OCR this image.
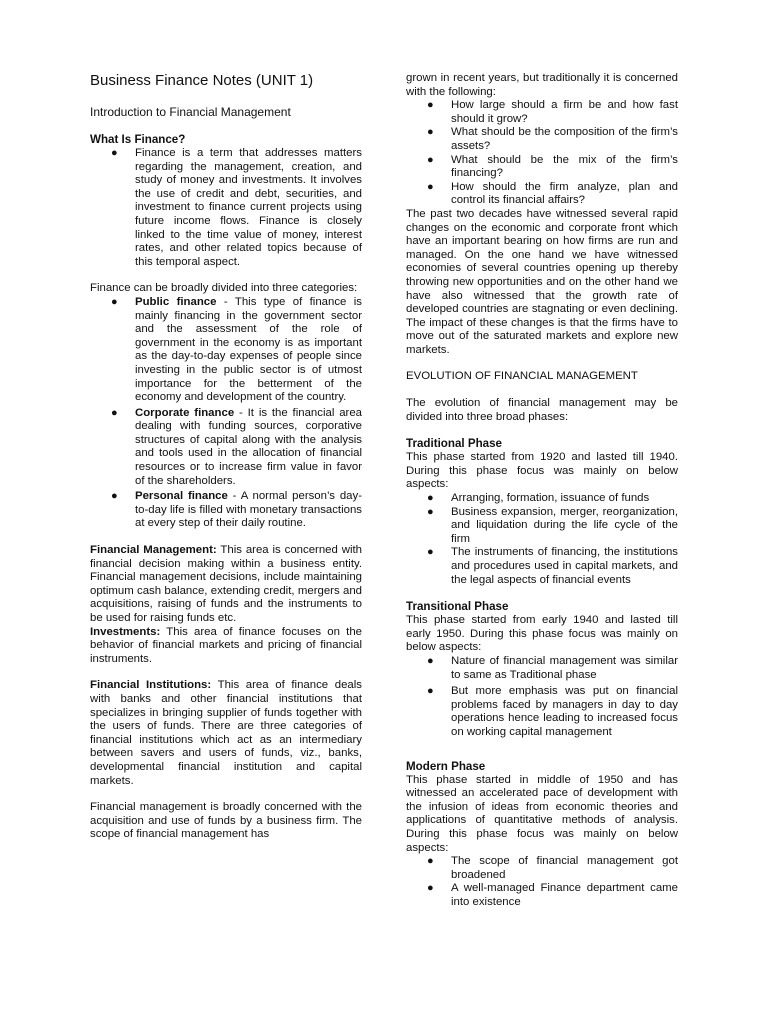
Business Finance Notes (UNIT 1)
Introduction to Financial Management
What Is Finance?
● Finance is a term that addresses matters regarding the management, creation, and study of money and investments. It involves the use of credit and debt, securities, and investment to finance current projects using future income flows. Finance is closely linked to the time value of money, interest rates, and other related topics because of this temporal aspect.

Finance can be broadly divided into three categories:

● Public finance - This type of finance is mainly financing in the government sector and the assessment of the role of government in the economy is as important as the day-to-day expenses of people since investing in the public sector is of utmost importance for the betterment of the economy and development of the country.
● Corporate finance - It is the financial area dealing with funding sources, corporative structures of capital along with the analysis and tools used in the allocation of financial resources or to increase firm value in favor of the shareholders.
● Personal finance - A normal person’s day-to-day life is filled with monetary transactions at every step of their daily routine.

Financial Management: This area is concerned with financial decision making within a business entity. Financial management decisions, include maintaining optimum cash balance, extending credit, mergers and acquisitions, raising of funds and the instruments to be used for raising funds etc.

Investments: This area of finance focuses on the behavior of financial markets and pricing of financial instruments.

Financial Institutions: This area of finance deals with banks and other financial institutions that specializes in bringing supplier of funds together with the users of funds. There are three categories of financial institutions which act as an intermediary between savers and users of funds, viz., banks, developmental financial institution and capital markets.

Financial management is broadly concerned with the acquisition and use of funds by a business firm. The scope of financial management has

grown in recent years, but traditionally it is concerned with the following:

● How large should a firm be and how fast should it grow?
● What should be the composition of the firm’s assets?
● What should be the mix of the firm’s financing?
● How should the firm analyze, plan and control its financial affairs?

The past two decades have witnessed several rapid changes on the economic and corporate front which have an important bearing on how firms are run and managed. On the one hand we have witnessed economies of several countries opening up thereby throwing new opportunities and on the other hand we have also witnessed that the growth rate of developed countries are stagnating or even declining. The impact of these changes is that the firms have to move out of the saturated markets and explore new markets.

EVOLUTION OF FINANCIAL MANAGEMENT

The evolution of financial management may be divided into three broad phases:

Traditional Phase

This phase started from 1920 and lasted till 1940. During this phase focus was mainly on below aspects:

● Arranging, formation, issuance of funds
● Business expansion, merger, reorganization, and liquidation during the life cycle of the firm
● The instruments of financing, the institutions and procedures used in capital markets, and the legal aspects of financial events
Transitional Phase

This phase started from early 1940 and lasted till early 1950. During this phase focus was mainly on below aspects:

● Nature of financial management was similar to same as Traditional phase
● But more emphasis was put on financial problems faced by managers in day to day operations hence leading to increased focus on working capital management
Modern Phase

This phase started in middle of 1950 and has witnessed an accelerated pace of development with the infusion of ideas from economic theories and applications of quantitative methods of analysis. During this phase focus was mainly on below aspects:

● The scope of financial management got broadened
● A well-managed Finance department came into existence
